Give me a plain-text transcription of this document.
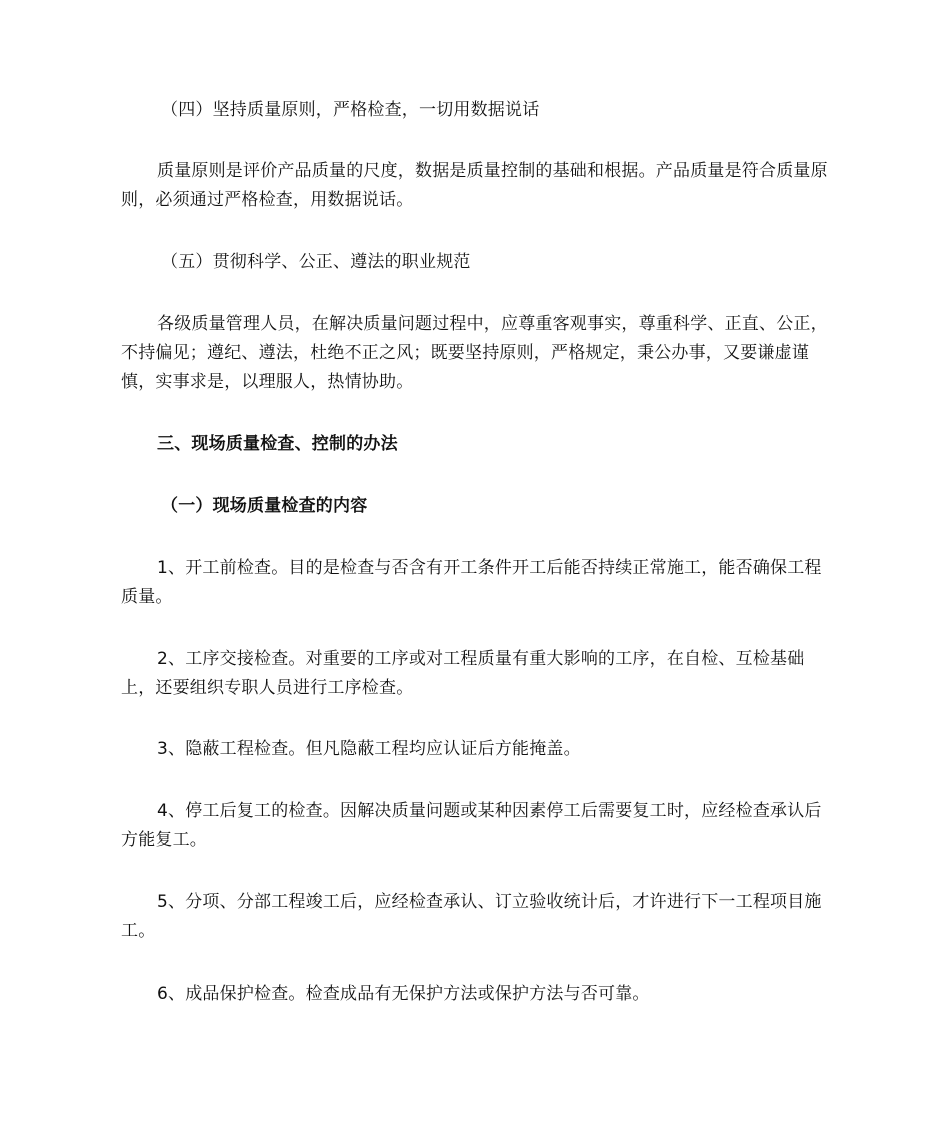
（四）坚持质量原则，严格检查，一切用数据说话

质量原则是评价产品质量的尺度，数据是质量控制的基础和根据。产品质量是符合质量原则，必须通过严格检查，用数据说话。

（五）贯彻科学、公正、遵法的职业规范

各级质量管理人员，在解决质量问题过程中，应尊重客观事实，尊重科学、正直、公正，不持偏见；遵纪、遵法，杜绝不正之风；既要坚持原则，严格规定，秉公办事，又要谦虚谨慎，实事求是，以理服人，热情协助。

三、现场质量检查、控制的办法

（一）现场质量检查的内容

1、开工前检查。目的是检查与否含有开工条件开工后能否持续正常施工，能否确保工程质量。

2、工序交接检查。对重要的工序或对工程质量有重大影响的工序，在自检、互检基础上，还要组织专职人员进行工序检查。

3、隐蔽工程检查。但凡隐蔽工程均应认证后方能掩盖。

4、停工后复工的检查。因解决质量问题或某种因素停工后需要复工时，应经检查承认后方能复工。

5、分项、分部工程竣工后，应经检查承认、订立验收统计后，才许进行下一工程项目施工。

6、成品保护检查。检查成品有无保护方法或保护方法与否可靠。
